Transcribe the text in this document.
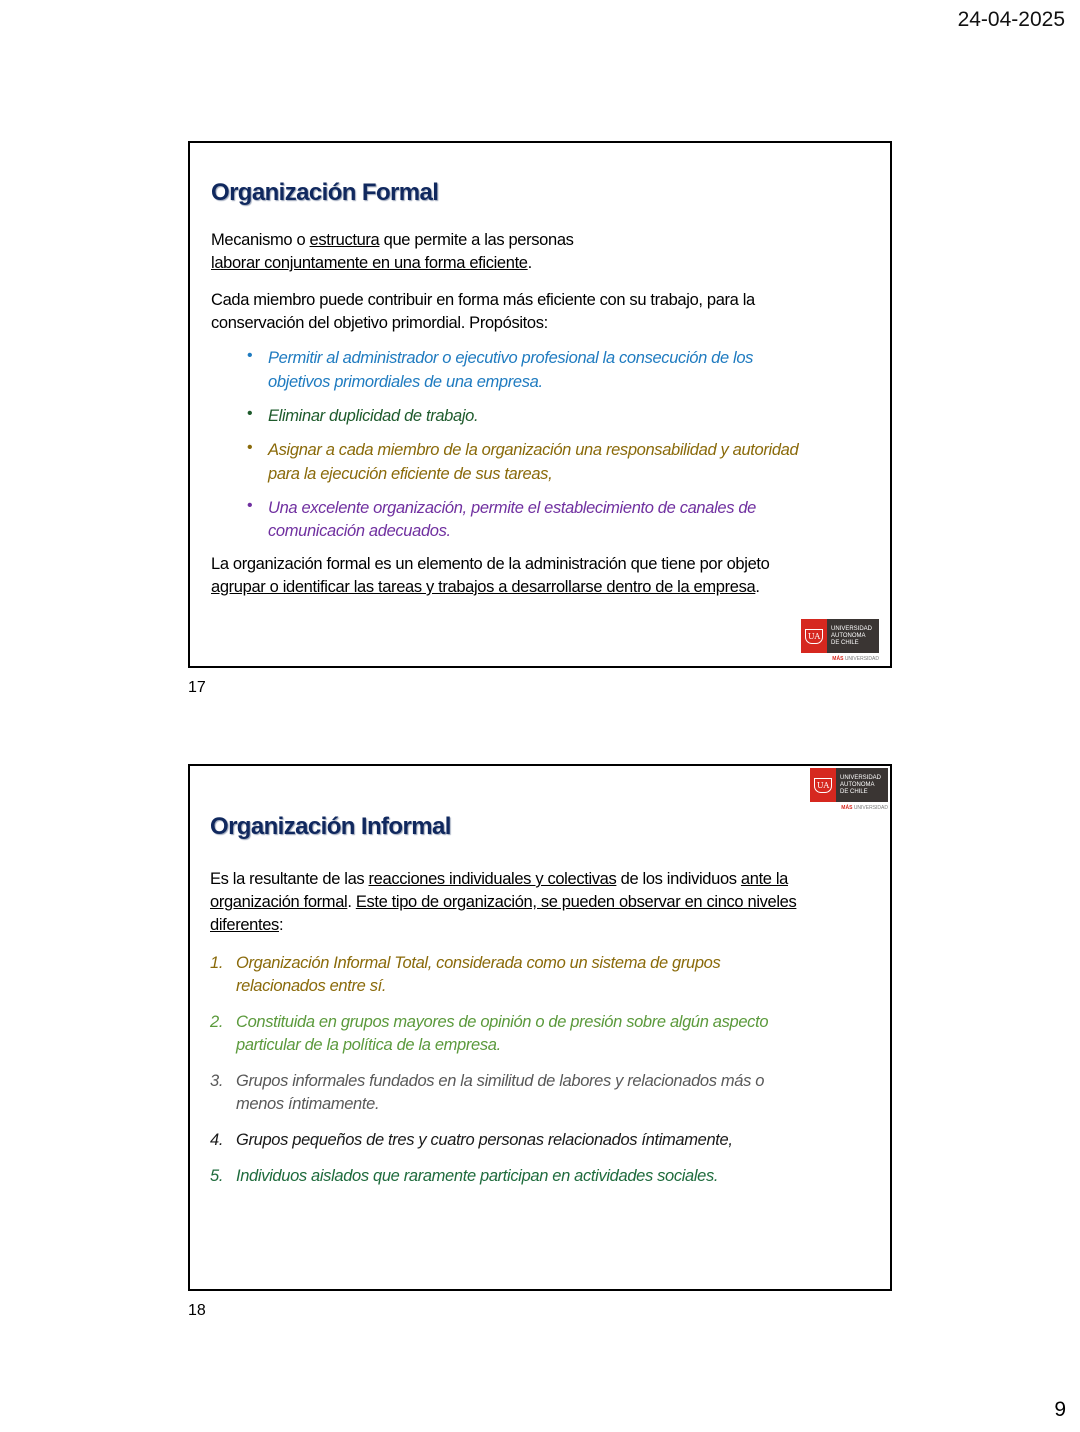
24-04-2025
Organización Formal
Mecanismo o estructura que permite a las personas
laborar conjuntamente en una forma eficiente.
Cada miembro puede contribuir en forma más eficiente con su trabajo, para la
conservación del objetivo primordial. Propósitos:
• Permitir al administrador o ejecutivo profesional la consecución de los
objetivos primordiales de una empresa.
• Eliminar duplicidad de trabajo.
• Asignar a cada miembro de la organización una responsabilidad y autoridad
para la ejecución eficiente de sus tareas,
• Una excelente organización, permite el establecimiento de canales de
comunicación adecuados.
La organización formal es un elemento de la administración que tiene por objeto
agrupar o identificar las tareas y trabajos a desarrollarse dentro de la empresa.
UA
UNIVERSIDAD
AUTONOMA
DE CHILE
MÁS UNIVERSIDAD
17
UA
UNIVERSIDAD
AUTONOMA
DE CHILE
MÁS UNIVERSIDAD
Organización Informal
Es la resultante de las reacciones individuales y colectivas de los individuos ante la
organización formal. Este tipo de organización, se pueden observar en cinco niveles
diferentes:
1. Organización Informal Total, considerada como un sistema de grupos
relacionados entre sí.
2. Constituida en grupos mayores de opinión o de presión sobre algún aspecto
particular de la política de la empresa.
3. Grupos informales fundados en la similitud de labores y relacionados más o
menos íntimamente.
4. Grupos pequeños de tres y cuatro personas relacionados íntimamente,
5. Individuos aislados que raramente participan en actividades sociales.
18
9
